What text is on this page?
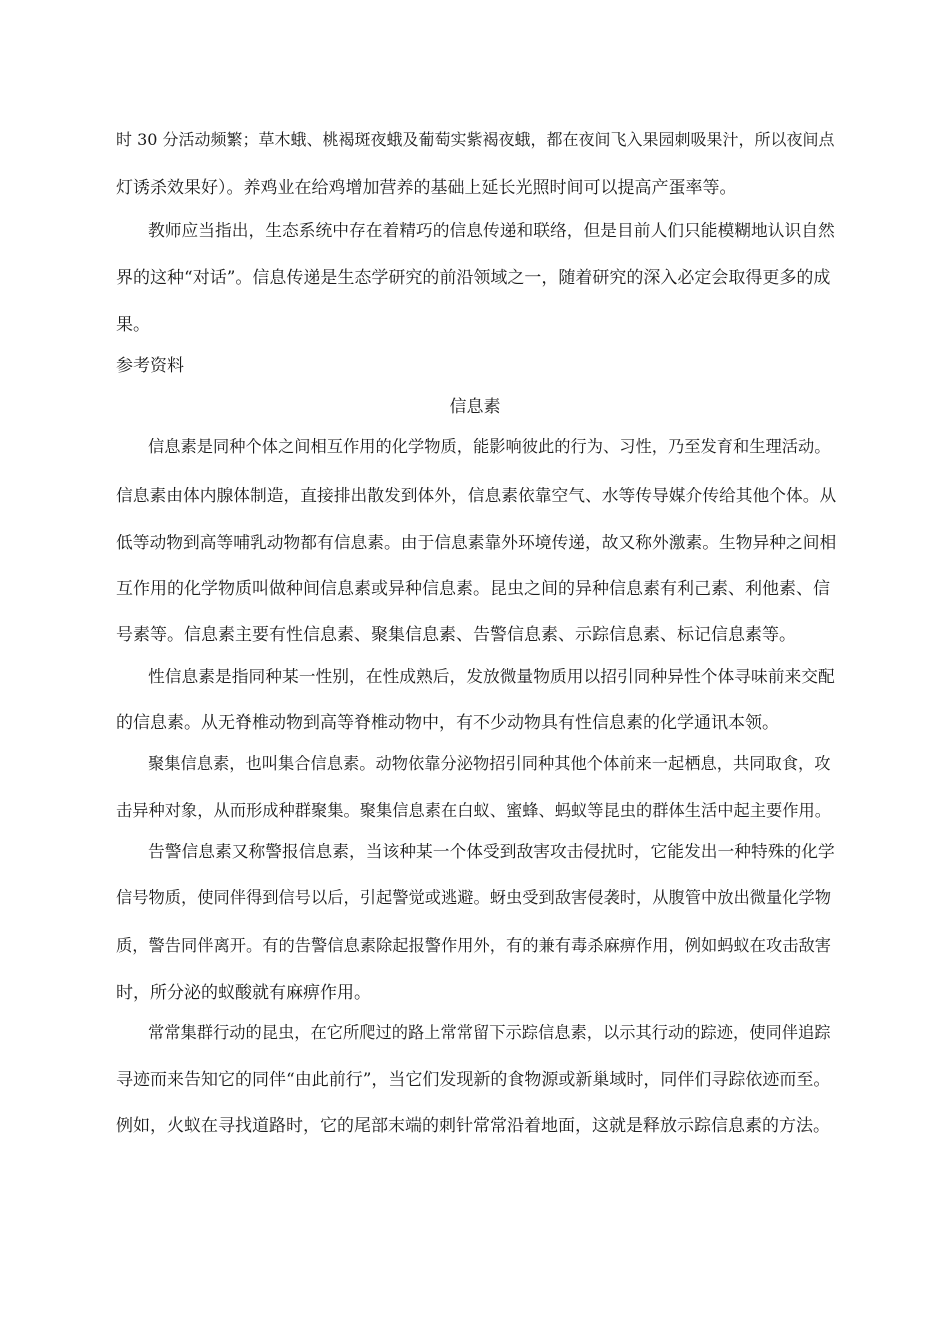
时 30 分活动频繁；草木蛾、桃褐斑夜蛾及葡萄实紫褐夜蛾，都在夜间飞入果园刺吸果汁，所以夜间点
灯诱杀效果好）。养鸡业在给鸡增加营养的基础上延长光照时间可以提高产蛋率等。
教师应当指出，生态系统中存在着精巧的信息传递和联络，但是目前人们只能模糊地认识自然
界的这种“对话”。信息传递是生态学研究的前沿领域之一，随着研究的深入必定会取得更多的成
果。
参考资料
信息素
信息素是同种个体之间相互作用的化学物质，能影响彼此的行为、习性，乃至发育和生理活动。
信息素由体内腺体制造，直接排出散发到体外，信息素依靠空气、水等传导媒介传给其他个体。从
低等动物到高等哺乳动物都有信息素。由于信息素靠外环境传递，故又称外激素。生物异种之间相
互作用的化学物质叫做种间信息素或异种信息素。昆虫之间的异种信息素有利己素、利他素、信
号素等。信息素主要有性信息素、聚集信息素、告警信息素、示踪信息素、标记信息素等。
性信息素是指同种某一性别，在性成熟后，发放微量物质用以招引同种异性个体寻味前来交配
的信息素。从无脊椎动物到高等脊椎动物中，有不少动物具有性信息素的化学通讯本领。
聚集信息素，也叫集合信息素。动物依靠分泌物招引同种其他个体前来一起栖息，共同取食，攻
击异种对象，从而形成种群聚集。聚集信息素在白蚁、蜜蜂、蚂蚁等昆虫的群体生活中起主要作用。
告警信息素又称警报信息素，当该种某一个体受到敌害攻击侵扰时，它能发出一种特殊的化学
信号物质，使同伴得到信号以后，引起警觉或逃避。蚜虫受到敌害侵袭时，从腹管中放出微量化学物
质，警告同伴离开。有的告警信息素除起报警作用外，有的兼有毒杀麻痹作用，例如蚂蚁在攻击敌害
时，所分泌的蚁酸就有麻痹作用。
常常集群行动的昆虫，在它所爬过的路上常常留下示踪信息素，以示其行动的踪迹，使同伴追踪
寻迹而来告知它的同伴“由此前行”，当它们发现新的食物源或新巢域时，同伴们寻踪依迹而至。
例如，火蚁在寻找道路时，它的尾部末端的刺针常常沿着地面，这就是释放示踪信息素的方法。
